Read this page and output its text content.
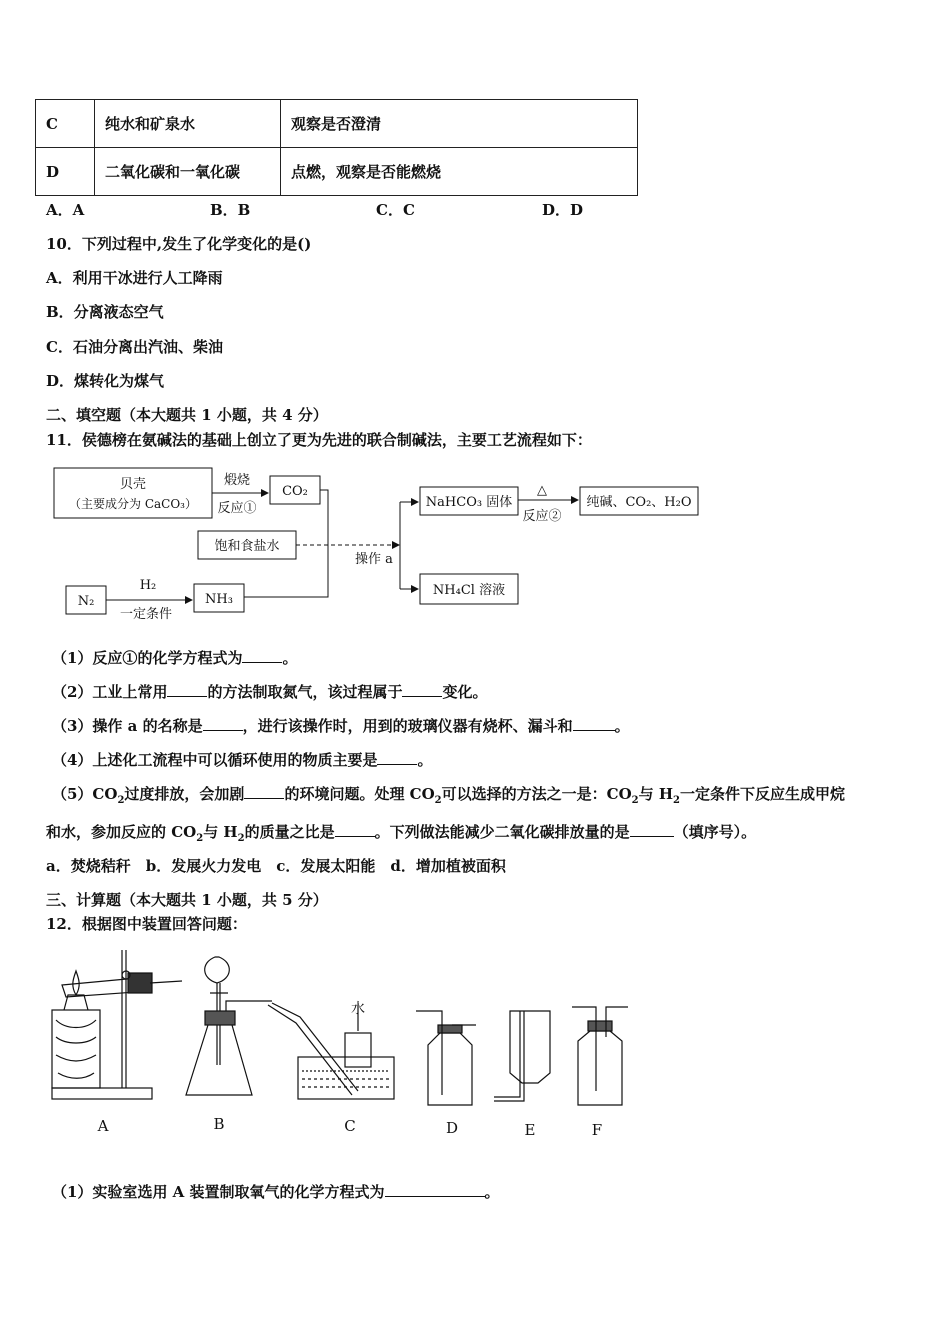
C	纯水和矿泉水	观察是否澄清
D	二氧化碳和一氧化碳	点燃，观察是否能燃烧
A．A	B．B	C．C	D．D
10．下列过程中,发生了化学变化的是()
A．利用干冰进行人工降雨
B．分离液态空气
C．石油分离出汽油、柴油
D．煤转化为煤气
二、填空题（本大题共 1 小题，共 4 分）
11．侯德榜在氨碱法的基础上创立了更为先进的联合制碱法，主要工艺流程如下：
贝壳
（主要成分为 CaCO₃）
煅烧
反应①
CO₂
饱和食盐水
操作 a
N₂
H₂
一定条件
NH₃
NaHCO₃ 固体
△
反应②
纯碱、CO₂、H₂O
NH₄Cl 溶液
（1）反应①的化学方程式为	。
（2）工业上常用	的方法制取氮气，该过程属于	变化。
（3）操作 a 的名称是	，进行该操作时，用到的玻璃仪器有烧杯、漏斗和	。
（4）上述化工流程中可以循环使用的物质主要是	。
$(5)CO_2$过度排放，会加剧	的环境问题。处理 $CO_2$可以选择的方法之一是：$CO_2$与 $H_2$一定条件下反应生成甲烷
和水，参加反应的 $CO_2$与 $H_2$的质量之比是	。下列做法能减少二氧化碳排放量的是	（填序号）。
a．焚烧秸秆　b．发展火力发电　c．发展太阳能　d．增加植被面积
三、计算题（本大题共 1 小题，共 5 分）
12．根据图中装置回答问题：
水
A	B	C	D	E	F
（1）实验室选用 A 装置制取氧气的化学方程式为	。
